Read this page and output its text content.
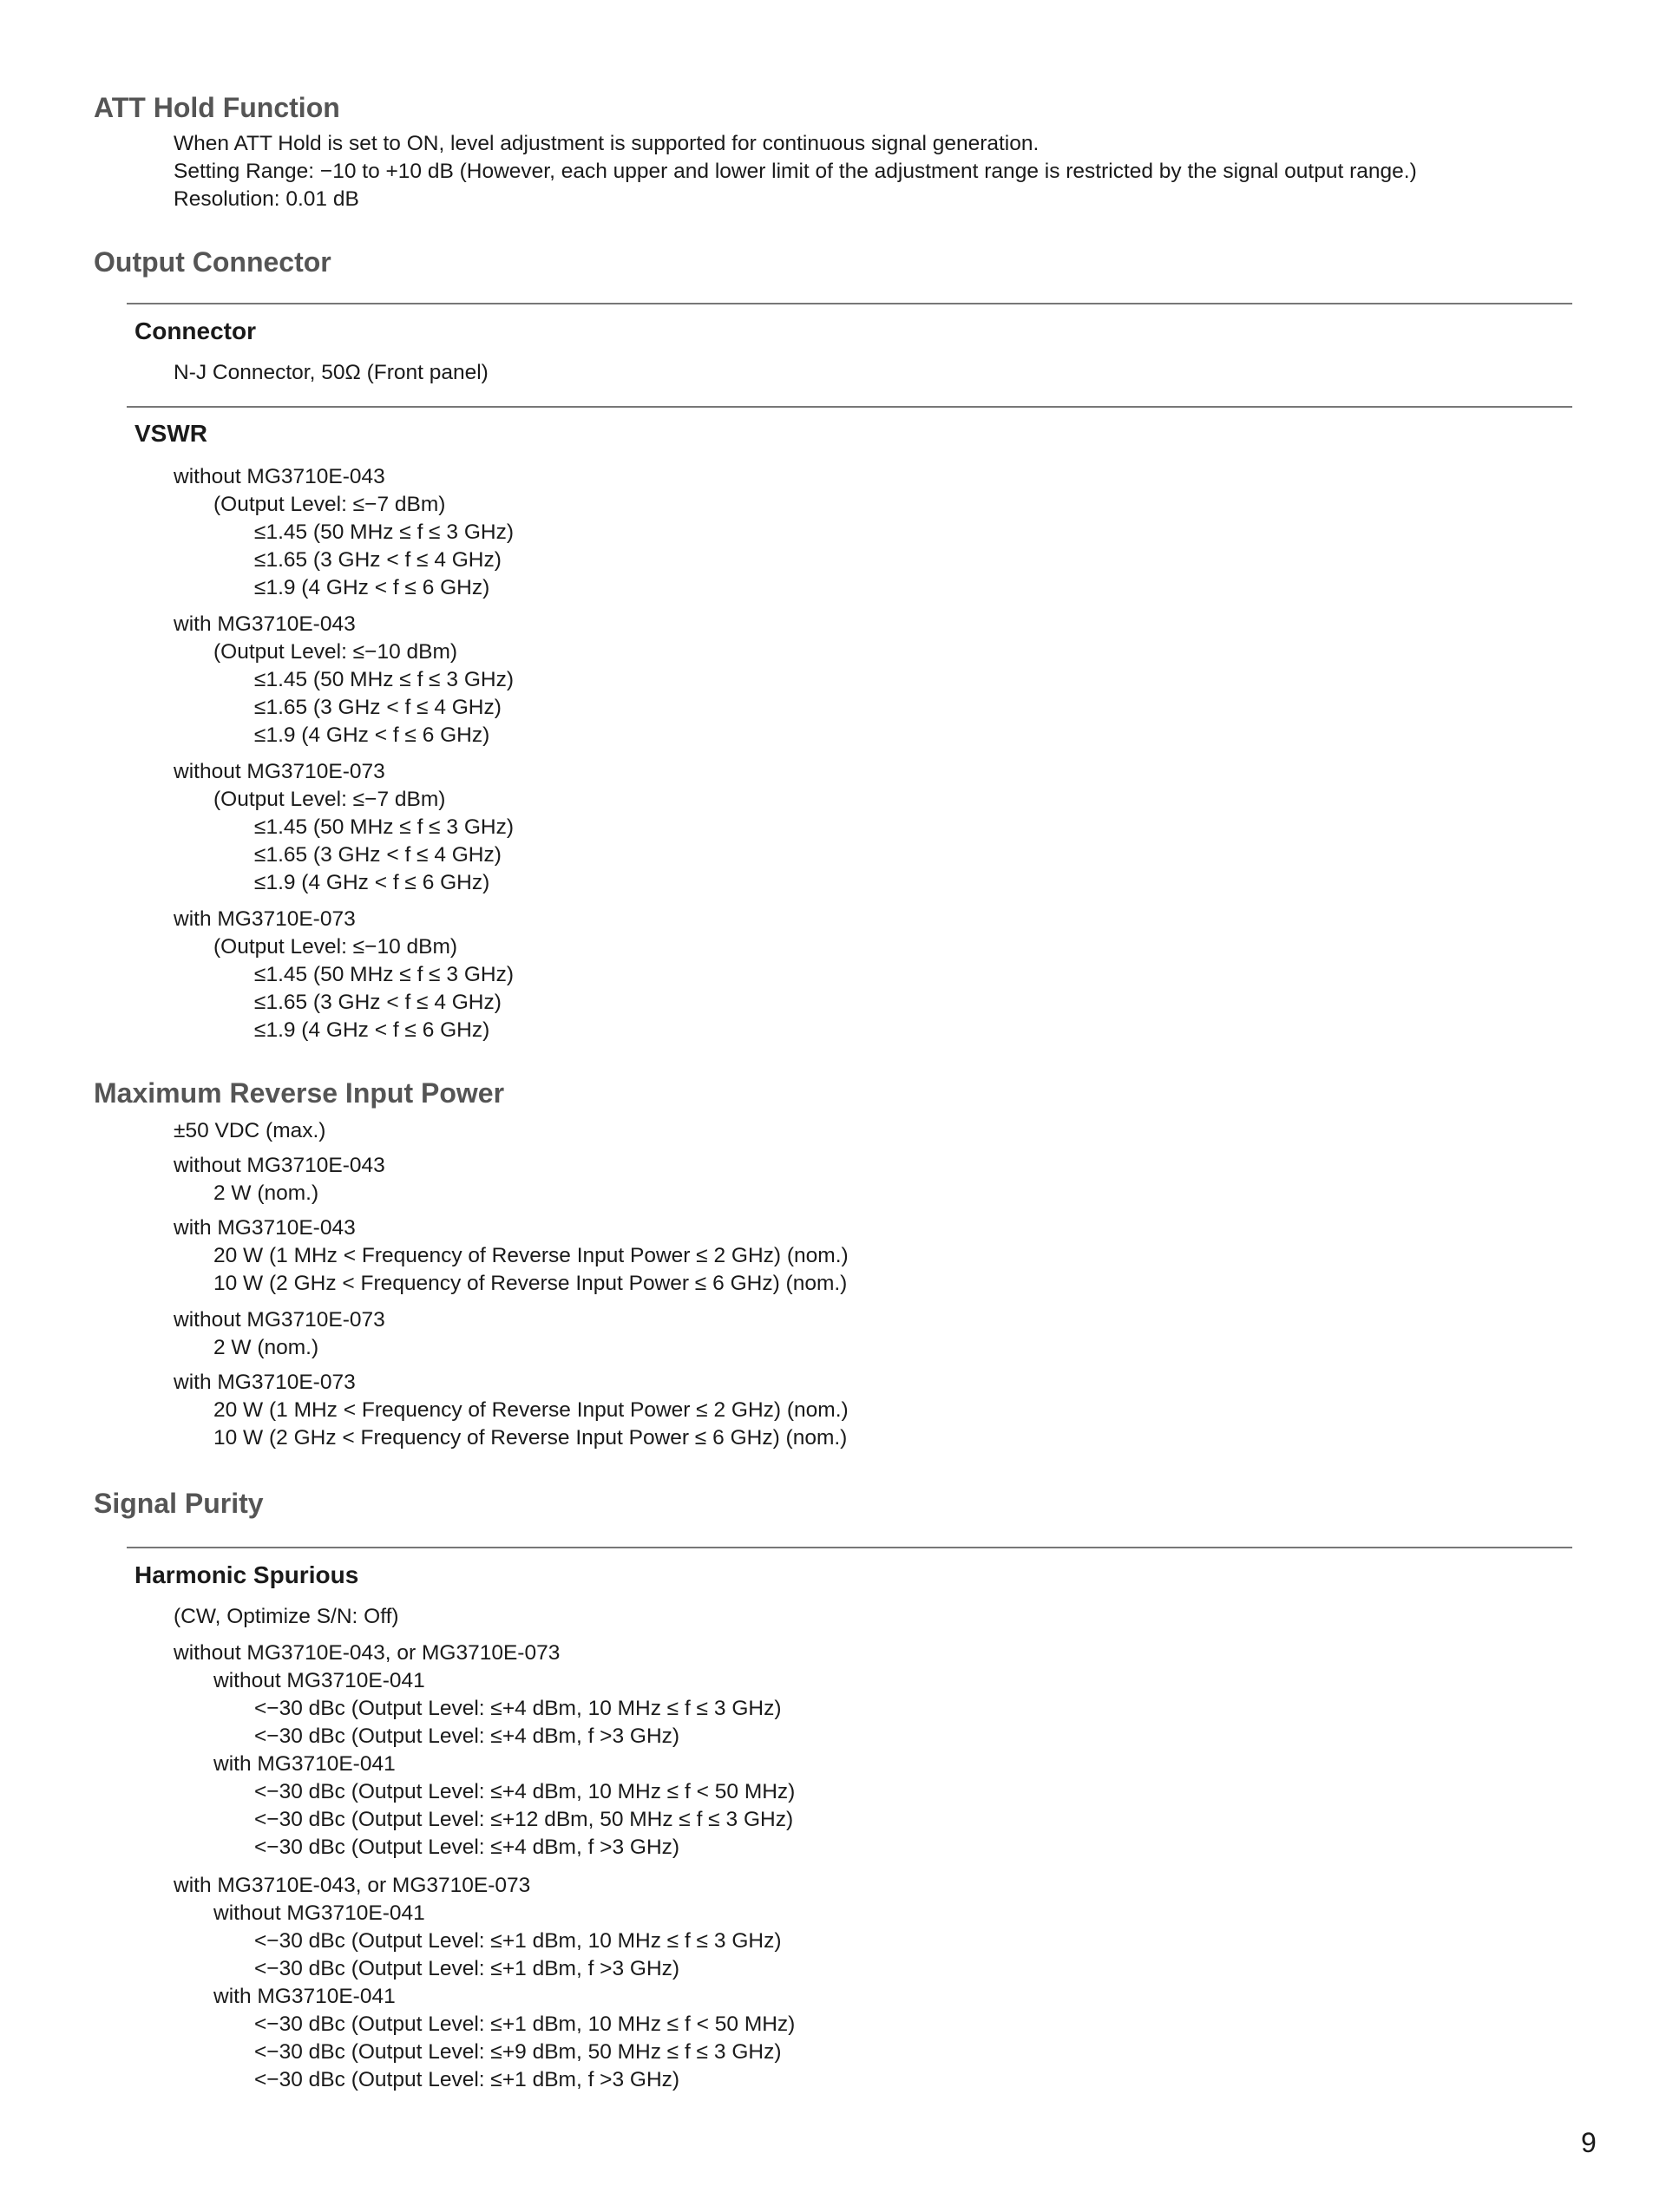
ATT Hold Function
When ATT Hold is set to ON, level adjustment is supported for continuous signal generation.
Setting Range: −10 to +10 dB (However, each upper and lower limit of the adjustment range is restricted by the signal output range.)
Resolution: 0.01 dB
Output Connector
Connector
N-J Connector, 50Ω (Front panel)
VSWR
without MG3710E-043
(Output Level: ≤−7 dBm)
≤1.45 (50 MHz ≤ f ≤ 3 GHz)
≤1.65 (3 GHz < f ≤ 4 GHz)
≤1.9 (4 GHz < f ≤ 6 GHz)
with MG3710E-043
(Output Level: ≤−10 dBm)
≤1.45 (50 MHz ≤ f ≤ 3 GHz)
≤1.65 (3 GHz < f ≤ 4 GHz)
≤1.9 (4 GHz < f ≤ 6 GHz)
without MG3710E-073
(Output Level: ≤−7 dBm)
≤1.45 (50 MHz ≤ f ≤ 3 GHz)
≤1.65 (3 GHz < f ≤ 4 GHz)
≤1.9 (4 GHz < f ≤ 6 GHz)
with MG3710E-073
(Output Level: ≤−10 dBm)
≤1.45 (50 MHz ≤ f ≤ 3 GHz)
≤1.65 (3 GHz < f ≤ 4 GHz)
≤1.9 (4 GHz < f ≤ 6 GHz)
Maximum Reverse Input Power
±50 VDC (max.)
without MG3710E-043
2 W (nom.)
with MG3710E-043
20 W (1 MHz < Frequency of Reverse Input Power ≤ 2 GHz) (nom.)
10 W (2 GHz < Frequency of Reverse Input Power ≤ 6 GHz) (nom.)
without MG3710E-073
2 W (nom.)
with MG3710E-073
20 W (1 MHz < Frequency of Reverse Input Power ≤ 2 GHz) (nom.)
10 W (2 GHz < Frequency of Reverse Input Power ≤ 6 GHz) (nom.)
Signal Purity
Harmonic Spurious
(CW, Optimize S/N: Off)
without MG3710E-043, or MG3710E-073
without MG3710E-041
<−30 dBc (Output Level: ≤+4 dBm, 10 MHz ≤ f ≤ 3 GHz)
<−30 dBc (Output Level: ≤+4 dBm, f >3 GHz)
with MG3710E-041
<−30 dBc (Output Level: ≤+4 dBm, 10 MHz ≤ f < 50 MHz)
<−30 dBc (Output Level: ≤+12 dBm, 50 MHz ≤ f ≤ 3 GHz)
<−30 dBc (Output Level: ≤+4 dBm, f >3 GHz)
with MG3710E-043, or MG3710E-073
without MG3710E-041
<−30 dBc (Output Level: ≤+1 dBm, 10 MHz ≤ f ≤ 3 GHz)
<−30 dBc (Output Level: ≤+1 dBm, f >3 GHz)
with MG3710E-041
<−30 dBc (Output Level: ≤+1 dBm, 10 MHz ≤ f < 50 MHz)
<−30 dBc (Output Level: ≤+9 dBm, 50 MHz ≤ f ≤ 3 GHz)
<−30 dBc (Output Level: ≤+1 dBm, f >3 GHz)
9
